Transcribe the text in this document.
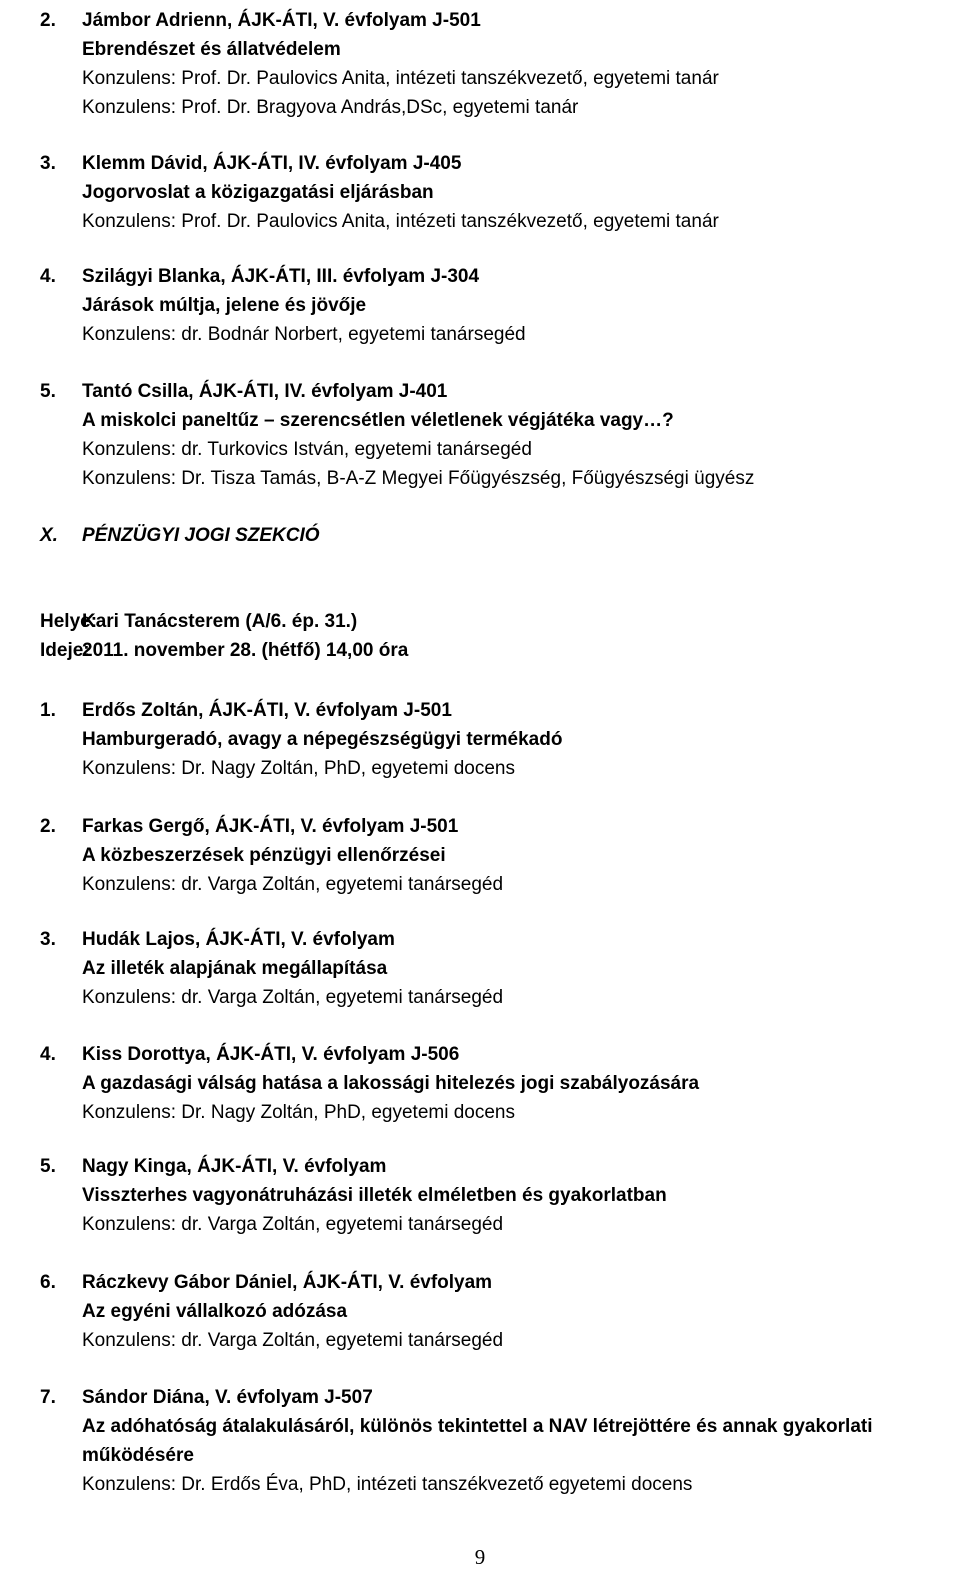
2. Jámbor Adrienn, ÁJK-ÁTI, V. évfolyam J-501
Ebrendészet és állatvédelem
Konzulens: Prof. Dr. Paulovics Anita, intézeti tanszékvezető, egyetemi tanár
Konzulens: Prof. Dr. Bragyova András,DSc, egyetemi tanár
3. Klemm Dávid, ÁJK-ÁTI, IV. évfolyam J-405
Jogorvoslat a közigazgatási eljárásban
Konzulens: Prof. Dr. Paulovics Anita, intézeti tanszékvezető, egyetemi tanár
4. Szilágyi Blanka, ÁJK-ÁTI, III. évfolyam J-304
Járások múltja, jelene és jövője
Konzulens: dr. Bodnár Norbert, egyetemi tanársegéd
5. Tantó Csilla, ÁJK-ÁTI, IV. évfolyam J-401
A miskolci paneltűz – szerencsétlen véletlenek végjátéka vagy…?
Konzulens: dr. Turkovics István, egyetemi tanársegéd
Konzulens: Dr. Tisza Tamás, B-A-Z Megyei Főügyészség, Főügyészségi ügyész
X. PÉNZÜGYI JOGI SZEKCIÓ
Helye:
Kari Tanácsterem (A/6. ép. 31.)
Ideje:
2011. november 28. (hétfő) 14,00 óra
1. Erdős Zoltán, ÁJK-ÁTI, V. évfolyam J-501
Hamburgeradó, avagy a népegészségügyi termékadó
Konzulens: Dr. Nagy Zoltán, PhD, egyetemi docens
2. Farkas Gergő, ÁJK-ÁTI, V. évfolyam J-501
A közbeszerzések pénzügyi ellenőrzései
Konzulens: dr. Varga Zoltán, egyetemi tanársegéd
3. Hudák Lajos, ÁJK-ÁTI, V. évfolyam
Az illeték alapjának megállapítása
Konzulens: dr. Varga Zoltán, egyetemi tanársegéd
4. Kiss Dorottya, ÁJK-ÁTI, V. évfolyam J-506
A gazdasági válság hatása a lakossági hitelezés jogi szabályozására
Konzulens: Dr. Nagy Zoltán, PhD, egyetemi docens
5. Nagy Kinga, ÁJK-ÁTI, V. évfolyam
Visszterhes vagyonátruházási illeték elméletben és gyakorlatban
Konzulens: dr. Varga Zoltán, egyetemi tanársegéd
6. Ráczkevy Gábor Dániel, ÁJK-ÁTI, V. évfolyam
Az egyéni vállalkozó adózása
Konzulens: dr. Varga Zoltán, egyetemi tanársegéd
7. Sándor Diána, V. évfolyam J-507
Az adóhatóság átalakulásáról, különös tekintettel a NAV létrejöttére és annak gyakorlati
működésére
Konzulens: Dr. Erdős Éva, PhD, intézeti tanszékvezető egyetemi docens
9
